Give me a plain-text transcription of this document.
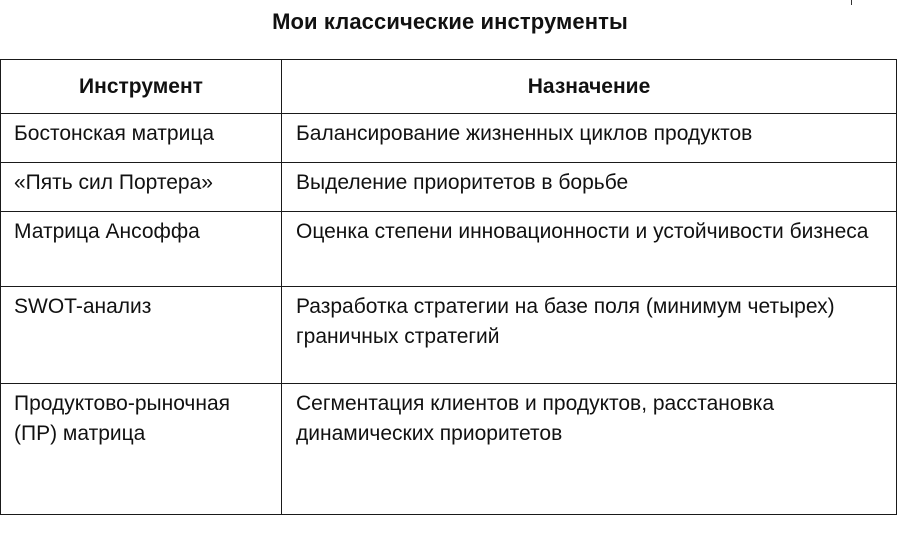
Мои классические инструменты
Инструмент	Назначение
Бостонская матрица	Балансирование жизненных циклов продуктов
«Пять сил Портера»	Выделение приоритетов в борьбе
Матрица Ансоффа	Оценка степени инновационности и устойчивости бизнеса
SWOT-анализ	Разработка стратегии на базе поля (минимум четырех) граничных стратегий
Продуктово-рыночная (ПР) матрица	Сегментация клиентов и продуктов, расстановка динамических приоритетов
